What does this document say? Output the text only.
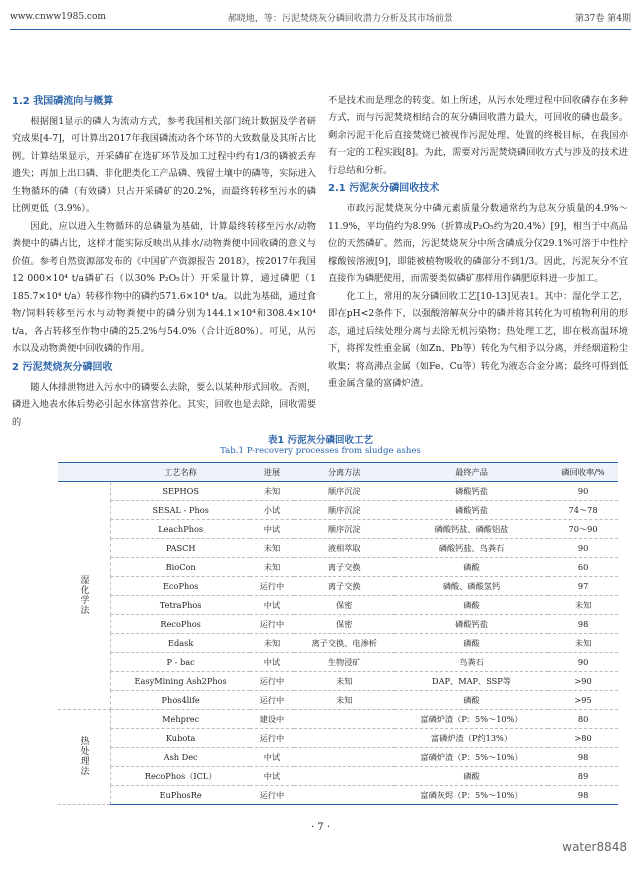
www.cnww1985.com	郝晓地，等：污泥焚烧灰分磷回收潜力分析及其市场前景	第37卷 第4期

1.2 我国磷流向与概算

根据图1显示的磷人为流动方式，参考我国相关部门统计数据及学者研究成果[4-7]，可计算出2017年我国磷流动各个环节的大致数量及其所占比例。计算结果显示，开采磷矿在选矿环节及加工过程中约有1/3的磷被丢弃遗失；再加上出口磷、非化肥类化工产品磷、残留土壤中的磷等，实际进入生物循环的磷（有效磷）只占开采磷矿的20.2%，而最终转移至污水的磷比例更低（3.9%）。

因此，应以进入生物循环的总磷量为基础，计算最终转移至污水/动物粪便中的磷占比，这样才能实际反映出从排水/动物粪便中回收磷的意义与价值。参考自然资源部发布的《中国矿产资源报告 2018》，按2017年我国12 000×10⁴ t/a磷矿石（以30% P₂O₅计）开采量计算，通过磷肥（1 185.7×10⁴ t/a）转移作物中的磷约571.6×10⁴ t/a。以此为基础，通过食物/饲料转移至污水与动物粪便中的磷分别为144.1×10⁴和308.4×10⁴ t/a，各占转移至作物中磷的25.2%与54.0%（合计近80%）。可见，从污水以及动物粪便中回收磷的作用。

2 污泥焚烧灰分磷回收

随人体排泄物进入污水中的磷要么去除，要么以某种形式回收。否则，磷进入地表水体后势必引起水体富营养化。其实，回收也是去除，回收需要的

不是技术而是理念的转变。如上所述，从污水处理过程中回收磷存在多种方式，而与污泥焚烧相结合的灰分磷回收潜力最大，可回收的磷也最多。剩余污泥干化后直接焚烧已被视作污泥处理、处置的终极目标，在我国亦有一定的工程实践[8]。为此，需要对污泥焚烧磷回收方式与涉及的技术进行总结和分析。

2.1 污泥灰分磷回收技术

市政污泥焚烧灰分中磷元素质量分数通常约为总灰分质量的4.9%～11.9%，平均值约为8.9%（折算成P₂O₅约为20.4%）[9]，相当于中高品位的天然磷矿。然而，污泥焚烧灰分中所含磷成分仅29.1%可溶于中性柠檬酸铵溶液[9]，即能被植物吸收的磷部分不到1/3。因此，污泥灰分不宜直接作为磷肥使用，而需要类似磷矿那样用作磷肥原料进一步加工。

化工上，常用的灰分磷回收工艺[10-13]见表1。其中：湿化学工艺，即在pH<2条件下，以强酸溶解灰分中的磷并将其转化为可植物利用的形态，通过后续处理分离与去除无机污染物；热处理工艺，即在极高温环境下，将挥发性重金属（如Zn、Pb等）转化为气相予以分离，并经烟道粉尘收集；将高沸点金属（如Fe、Cu等）转化为液态合金分离；最终可得到低重金属含量的富磷炉渣。

表1 污泥灰分磷回收工艺
Tab.1 P-recovery processes from sludge ashes
	工艺名称	进展	分离方法	最终产品	磷回收率/%
湿化学法	SEPHOS	未知	顺序沉淀	磷酸钙盐	90
	SESAL - Phos	小试	顺序沉淀	磷酸钙盐	74～78
	LeachPhos	中试	顺序沉淀	磷酸钙盐、磷酸铝盐	70～90
	PASCH	未知	液相萃取	磷酸钙盐、鸟粪石	90
	BioCon	未知	离子交换	磷酸	60
	EcoPhos	运行中	离子交换	磷酸、磷酸氢钙	97
	TetraPhos	中试	保密	磷酸	未知
	RecoPhos	运行中	保密	磷酸钙盐	98
	Edask	未知	离子交换、电渗析	磷酸	未知
	P - bac	中试	生物浸矿	鸟粪石	90
	EasyMining Ash2Phos	运行中	未知	DAP、MAP、SSP等	>90
	Phos4life	运行中	未知	磷酸	>95
热处理法	Mehprec	建设中		富磷炉渣（P：5%～10%）	80
	Kubota	运行中		富磷炉渣（P约13%）	>80
	Ash Dec	中试		富磷炉渣（P：5%～10%）	98
	RecoPhos（ICL）	中试		磷酸	89
	EuPhosRe	运行中		富磷灰烬（P：5%～10%）	98
· 7 ·
water8848
